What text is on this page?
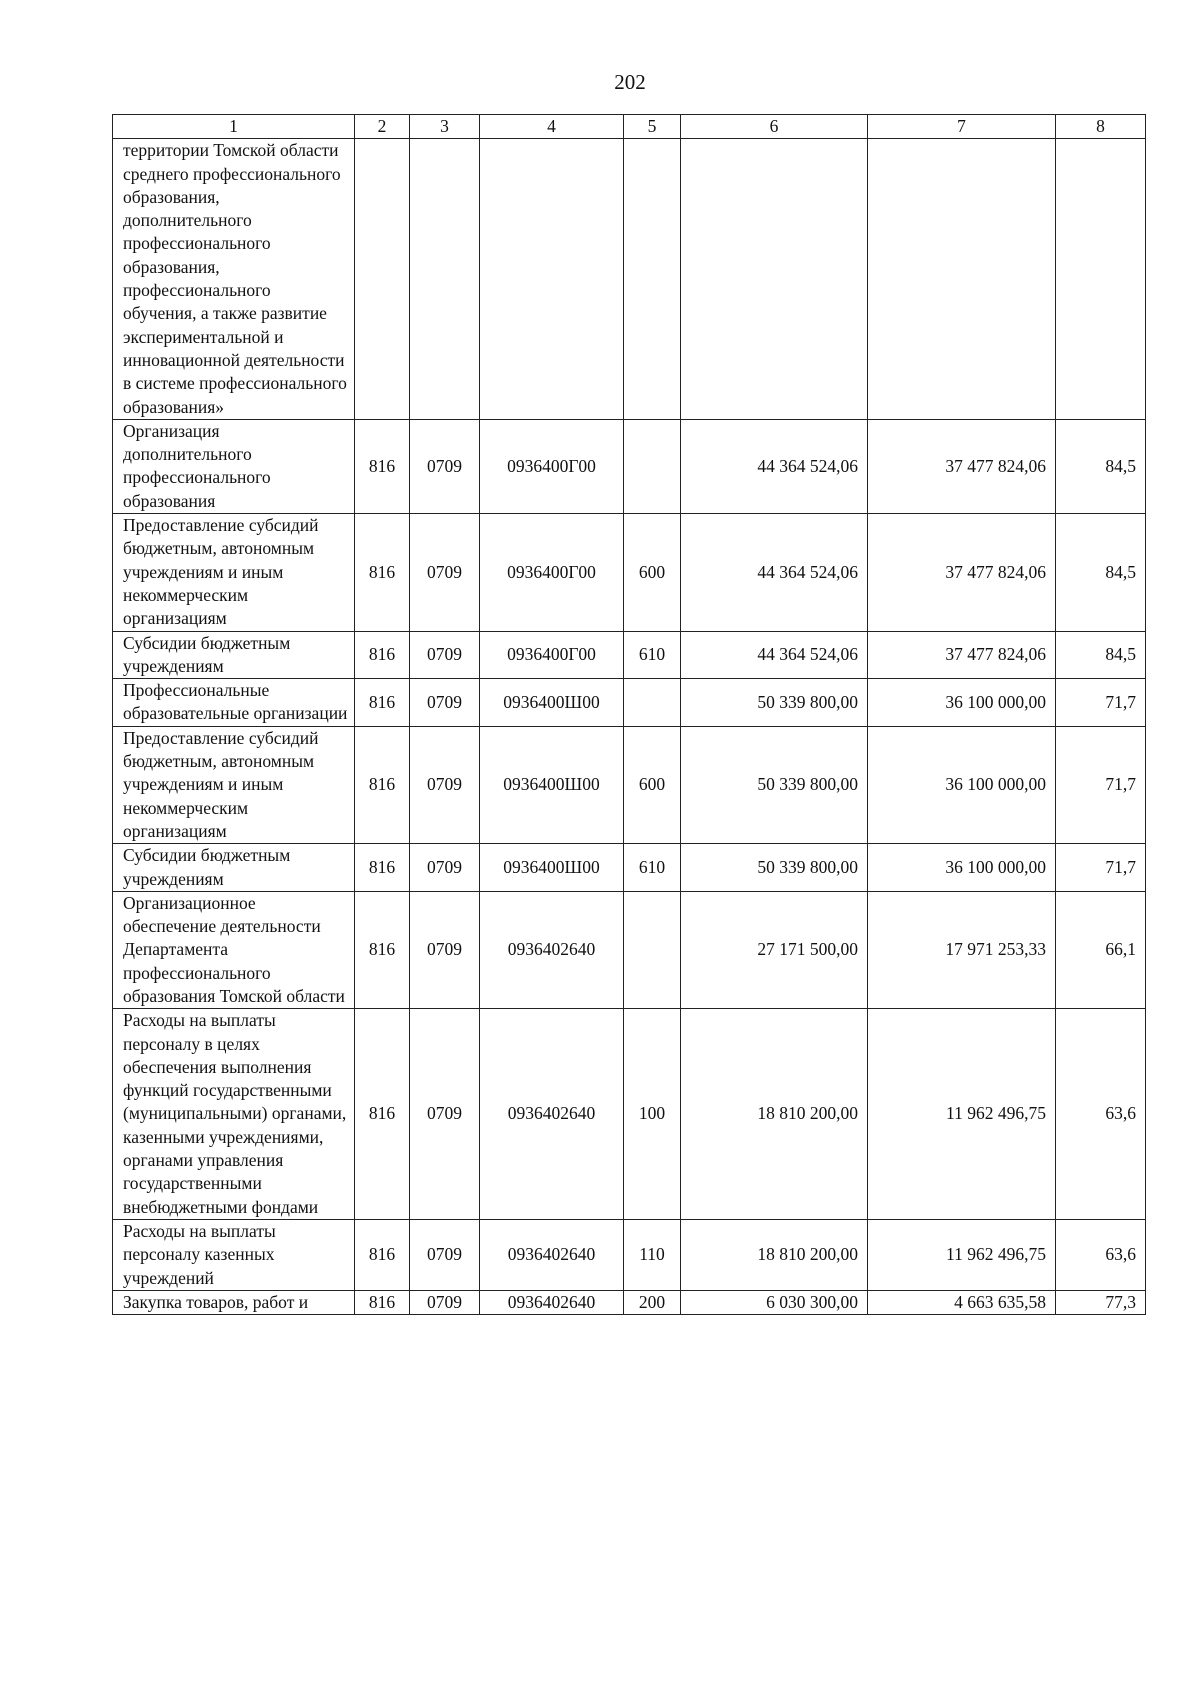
202
1	2	3	4	5	6	7	8
территории Томской области среднего профессионального образования, дополнительного профессионального образования, профессионального обучения, а также развитие экспериментальной и инновационной деятельности в системе профессионального образования»							
Организация дополнительного профессионального образования	816	0709	0936400Г00		44 364 524,06	37 477 824,06	84,5
Предоставление субсидий бюджетным, автономным учреждениям и иным некоммерческим организациям	816	0709	0936400Г00	600	44 364 524,06	37 477 824,06	84,5
Субсидии бюджетным учреждениям	816	0709	0936400Г00	610	44 364 524,06	37 477 824,06	84,5
Профессиональные образовательные организации	816	0709	0936400Ш00		50 339 800,00	36 100 000,00	71,7
Предоставление субсидий бюджетным, автономным учреждениям и иным некоммерческим организациям	816	0709	0936400Ш00	600	50 339 800,00	36 100 000,00	71,7
Субсидии бюджетным учреждениям	816	0709	0936400Ш00	610	50 339 800,00	36 100 000,00	71,7
Организационное обеспечение деятельности Департамента профессионального образования Томской области	816	0709	0936402640		27 171 500,00	17 971 253,33	66,1
Расходы на выплаты персоналу в целях обеспечения выполнения функций государственными (муниципальными) органами, казенными учреждениями, органами управления государственными внебюджетными фондами	816	0709	0936402640	100	18 810 200,00	11 962 496,75	63,6
Расходы на выплаты персоналу казенных учреждений	816	0709	0936402640	110	18 810 200,00	11 962 496,75	63,6
Закупка товаров, работ и	816	0709	0936402640	200	6 030 300,00	4 663 635,58	77,3
